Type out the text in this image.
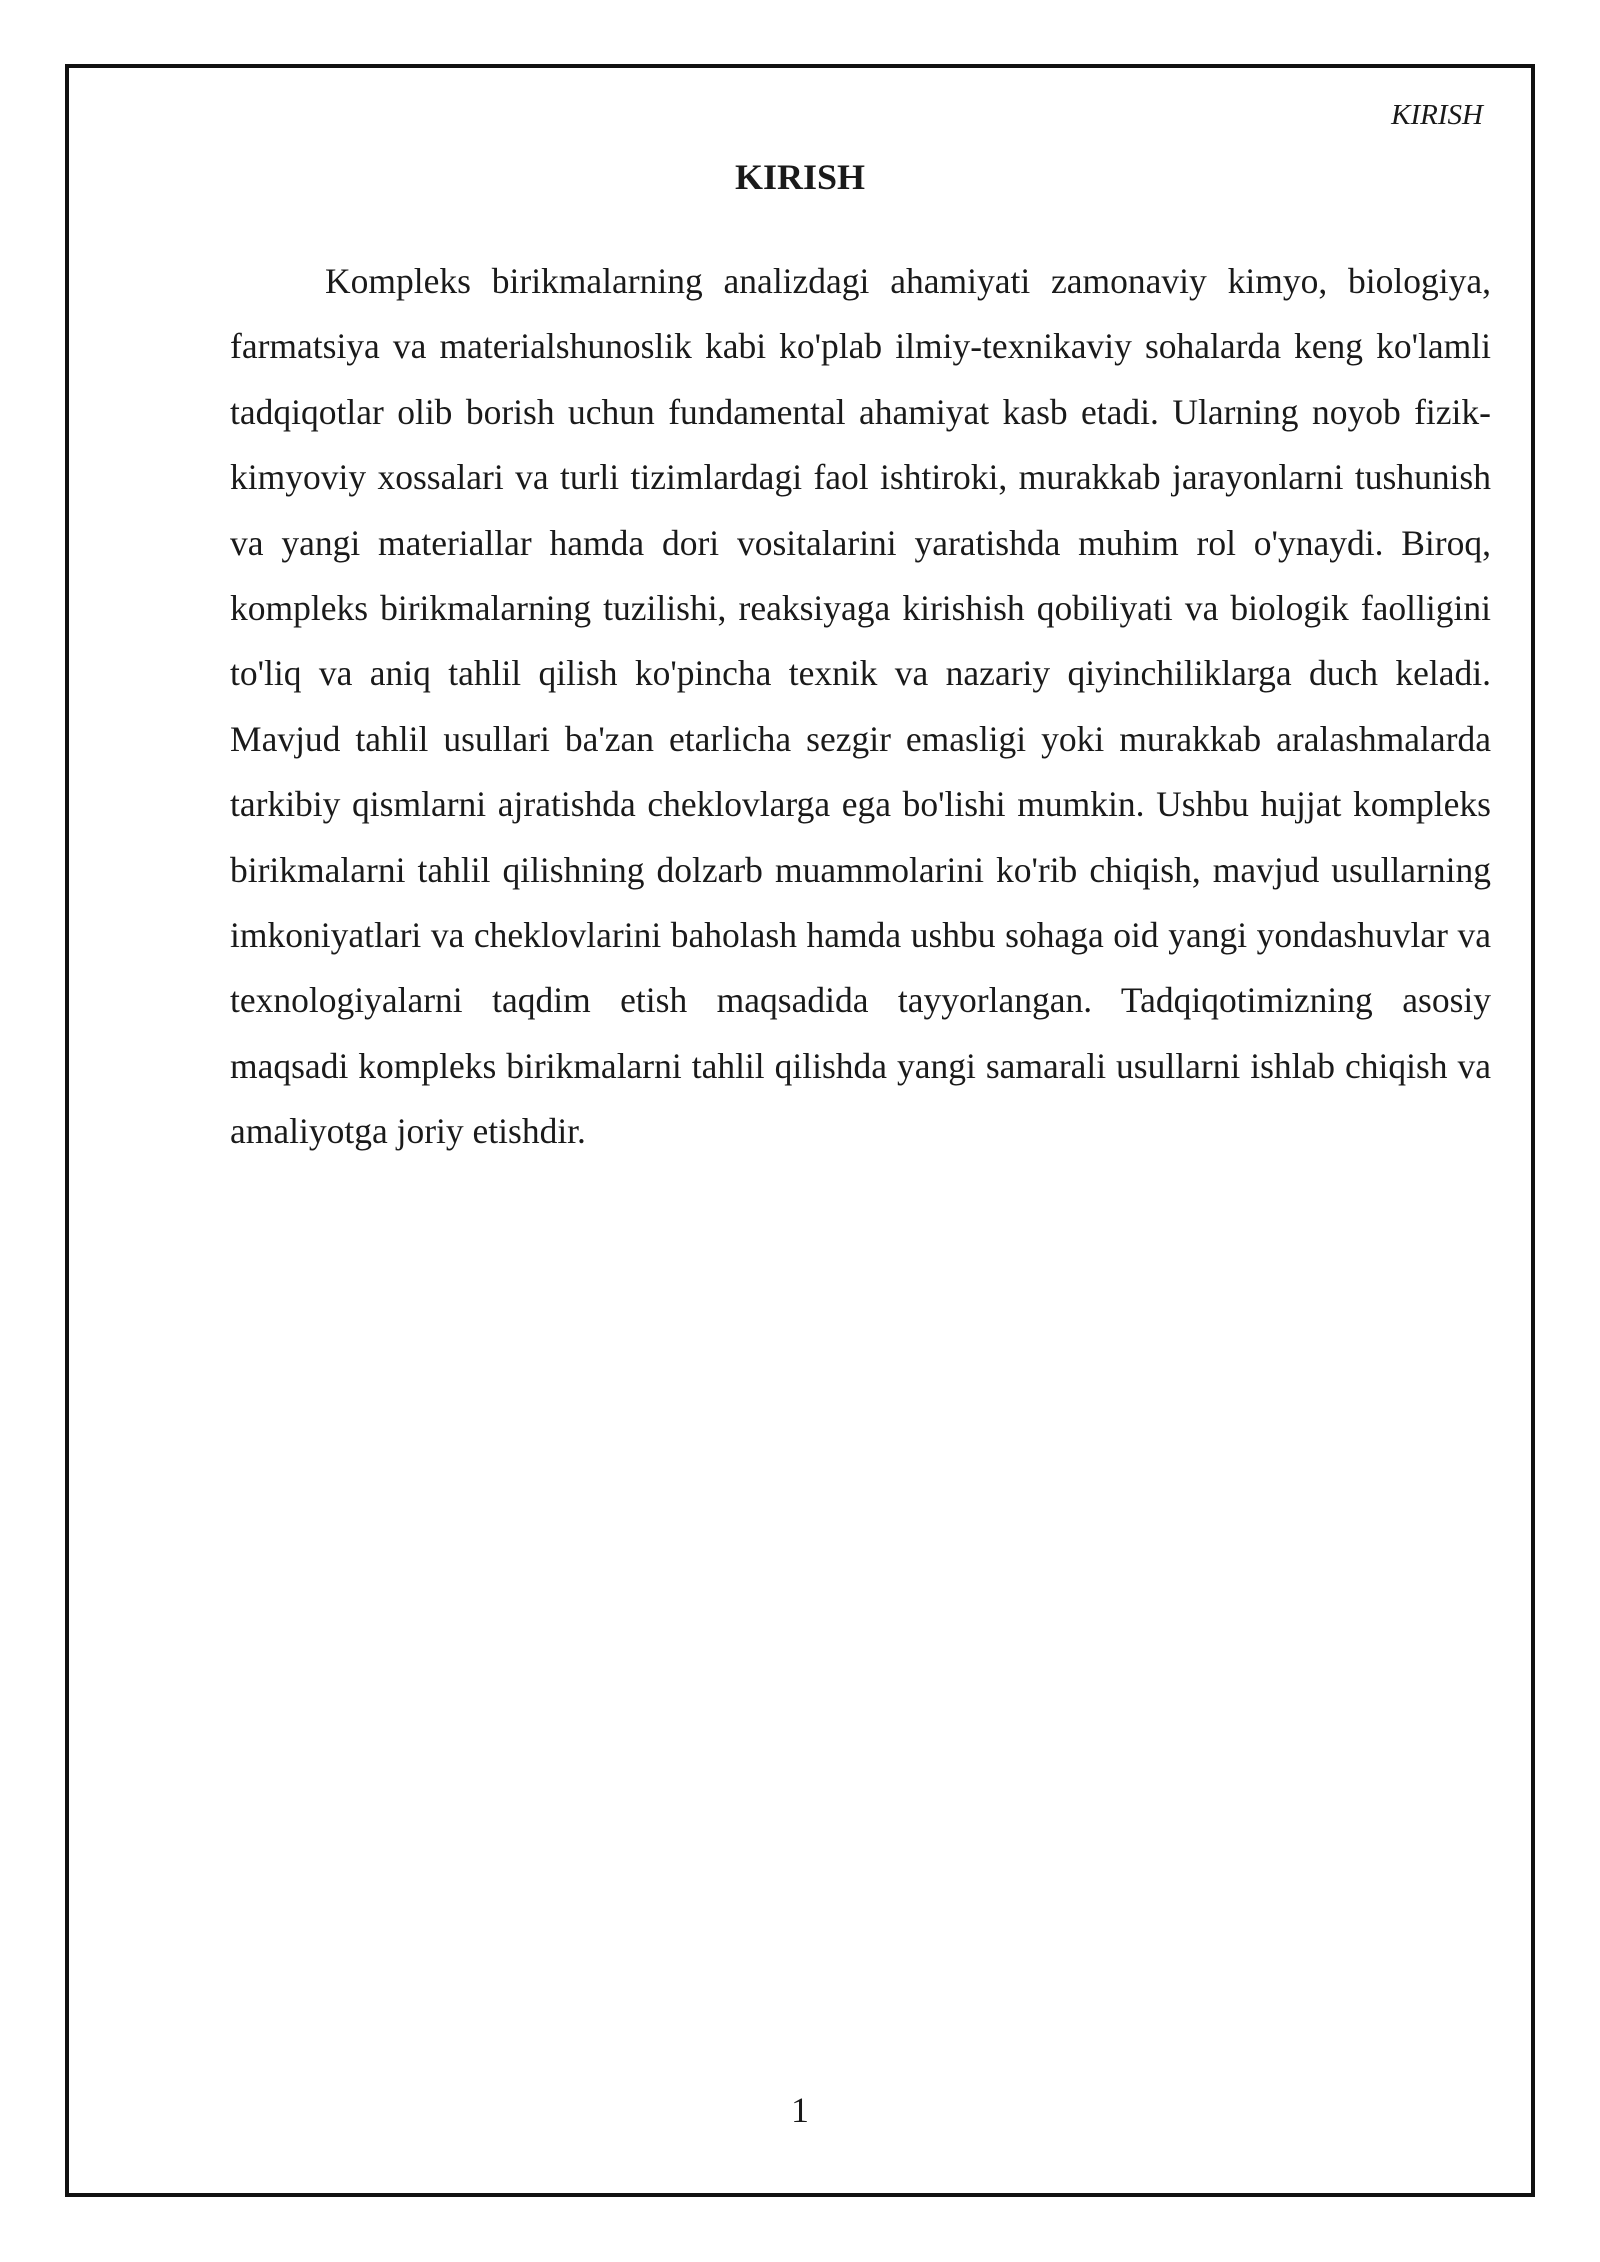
KIRISH
KIRISH

Kompleks birikmalarning analizdagi ahamiyati zamonaviy kimyo, biologiya, farmatsiya va materialshunoslik kabi ko'plab ilmiy-texnikaviy sohalarda keng ko'lamli tadqiqotlar olib borish uchun fundamental ahamiyat kasb etadi. Ularning noyob fizik-kimyoviy xossalari va turli tizimlardagi faol ishtiroki, murakkab jarayonlarni tushunish va yangi materiallar hamda dori vositalarini yaratishda muhim rol o'ynaydi. Biroq, kompleks birikmalarning tuzilishi, reaksiyaga kirishish qobiliyati va biologik faolligini to'liq va aniq tahlil qilish ko'pincha texnik va nazariy qiyinchiliklarga duch keladi. Mavjud tahlil usullari ba'zan etarlicha sezgir emasligi yoki murakkab aralashmalarda tarkibiy qismlarni ajratishda cheklovlarga ega bo'lishi mumkin. Ushbu hujjat kompleks birikmalarni tahlil qilishning dolzarb muammolarini ko'rib chiqish, mavjud usullarning imkoniyatlari va cheklovlarini baholash hamda ushbu sohaga oid yangi yondashuvlar va texnologiyalarni taqdim etish maqsadida tayyorlangan. Tadqiqotimizning asosiy maqsadi kompleks birikmalarni tahlil qilishda yangi samarali usullarni ishlab chiqish va amaliyotga joriy etishdir.

1
